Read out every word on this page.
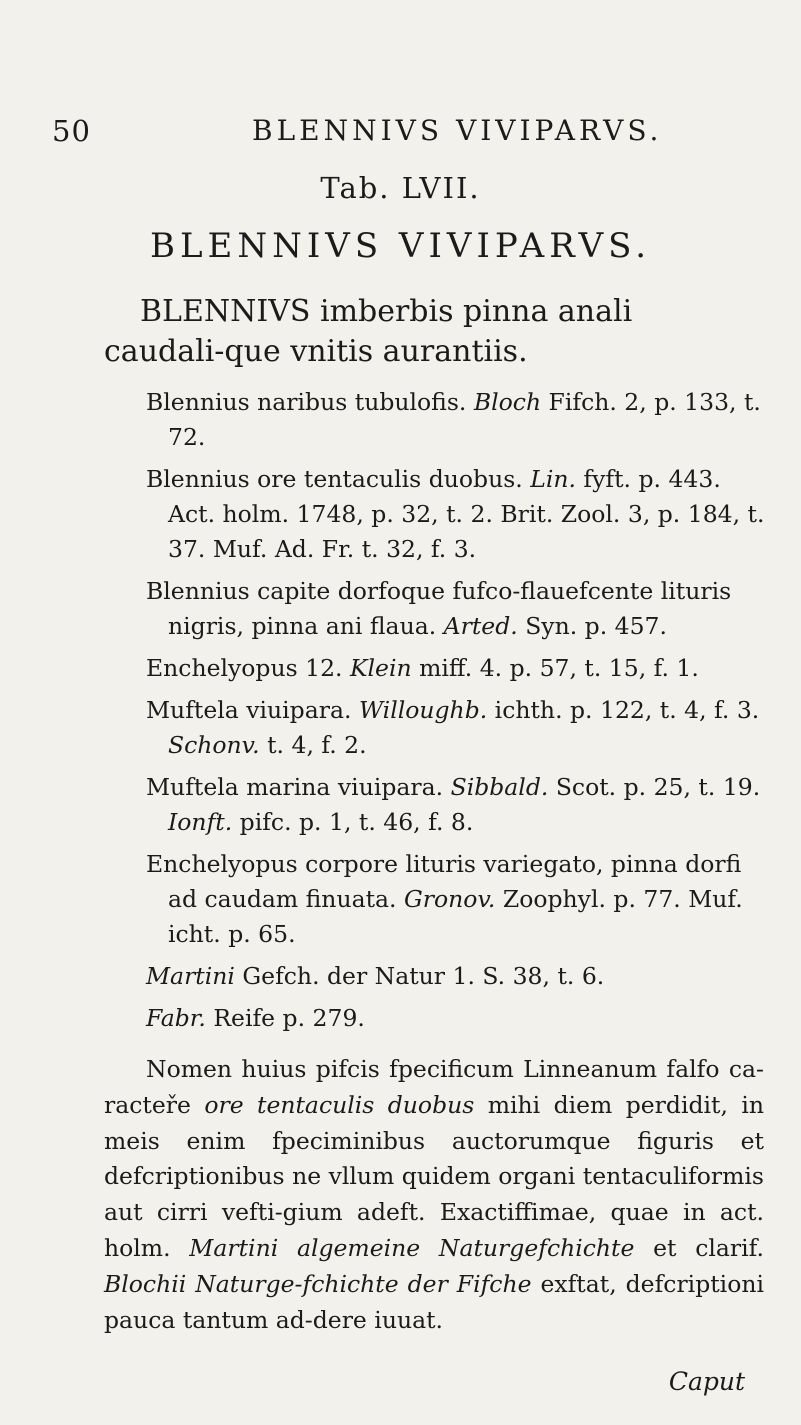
50	BLENNIVS VIVIPARVS.
Tab. LVII.
BLENNIVS VIVIPARVS.

BLENNIVS imberbis pinna anali caudali-que vnitis aurantiis.

Blennius naribus tubulofis. Bloch Fifch. 2, p. 133, t. 72.
Blennius ore tentaculis duobus. Lin. fyft. p. 443. Act. holm. 1748, p. 32, t. 2. Brit. Zool. 3, p. 184, t. 37. Muf. Ad. Fr. t. 32, f. 3.
Blennius capite dorfoque fufco-flauefcente lituris nigris, pinna ani flaua. Arted. Syn. p. 457.
Enchelyopus 12. Klein miff. 4. p. 57, t. 15, f. 1.
Muftela viuipara. Willoughb. ichth. p. 122, t. 4, f. 3. Schonv. t. 4, f. 2.
Muftela marina viuipara. Sibbald. Scot. p. 25, t. 19. Ionft. pifc. p. 1, t. 46, f. 8.
Enchelyopus corpore lituris variegato, pinna dorfi ad caudam finuata. Gronov. Zoophyl. p. 77. Muf. icht. p. 65.
Martini Gefch. der Natur 1. S. 38, t. 6.
Fabr. Reife p. 279.

Nomen huius pifcis fpecificum Linneanum falfo ca-racteře ore tentaculis duobus mihi diem perdidit, in meis enim fpeciminibus auctorumque figuris et defcriptionibus ne vllum quidem organi tentaculiformis aut cirri vefti-gium adeft. Exactiffimae, quae in act. holm. Martini algemeine Naturgefchichte et clarif. Blochii Naturge-fchichte der Fifche exftat, defcriptioni pauca tantum ad-dere iuuat.

Caput
